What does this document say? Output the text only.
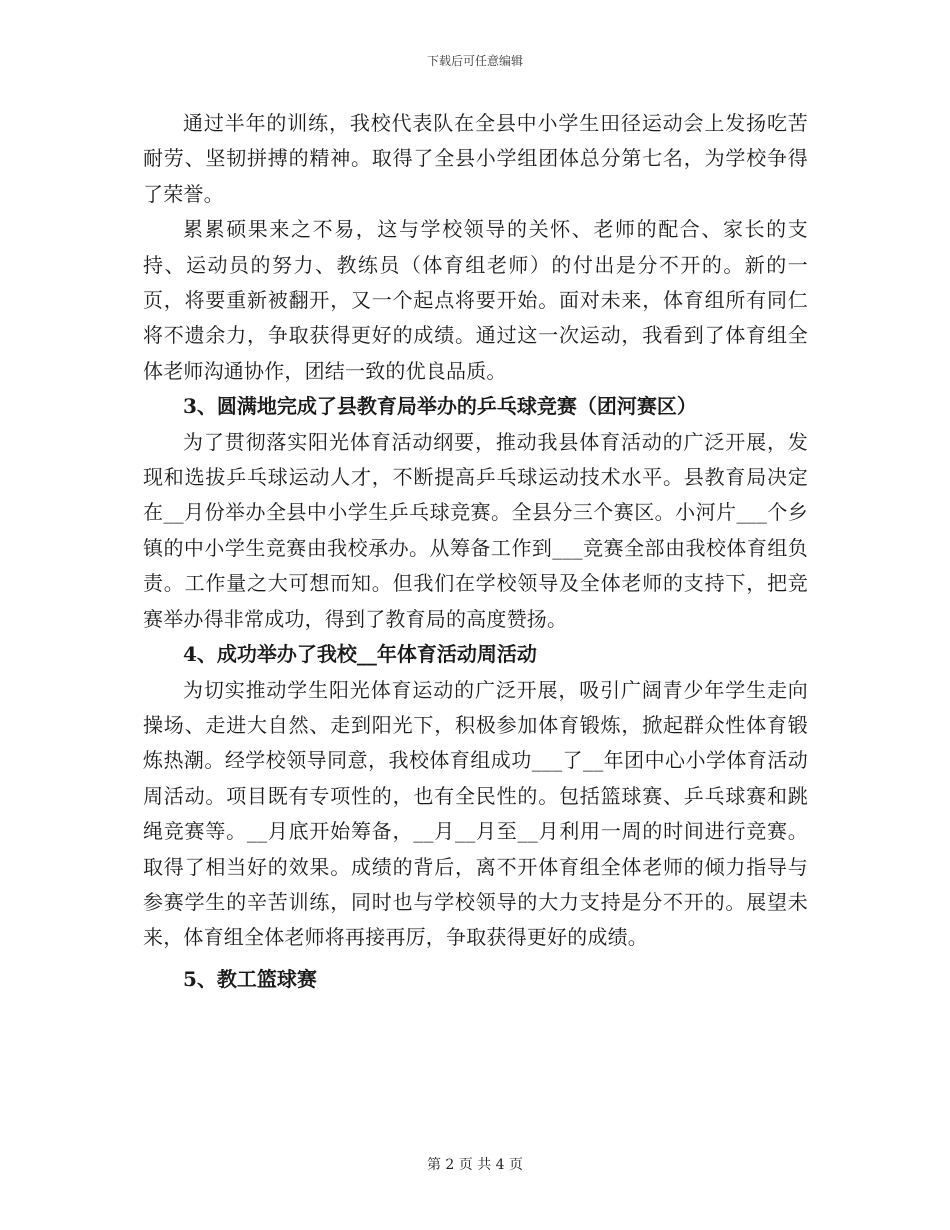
下载后可任意编辑

通过半年的训练，我校代表队在全县中小学生田径运动会上发扬吃苦耐劳、坚韧拼搏的精神。取得了全县小学组团体总分第七名，为学校争得了荣誉。

累累硕果来之不易，这与学校领导的关怀、老师的配合、家长的支持、运动员的努力、教练员（体育组老师）的付出是分不开的。新的一页，将要重新被翻开，又一个起点将要开始。面对未来，体育组所有同仁将不遗余力，争取获得更好的成绩。通过这一次运动，我看到了体育组全体老师沟通协作，团结一致的优良品质。

3、圆满地完成了县教育局举办的乒乓球竞赛（团河赛区）

为了贯彻落实阳光体育活动纲要，推动我县体育活动的广泛开展，发现和选拔乒乓球运动人才，不断提高乒乓球运动技术水平。县教育局决定在__月份举办全县中小学生乒乓球竞赛。全县分三个赛区。小河片___个乡镇的中小学生竞赛由我校承办。从筹备工作到___竞赛全部由我校体育组负责。工作量之大可想而知。但我们在学校领导及全体老师的支持下，把竞赛举办得非常成功，得到了教育局的高度赞扬。

4、成功举办了我校__年体育活动周活动

为切实推动学生阳光体育运动的广泛开展，吸引广阔青少年学生走向操场、走进大自然、走到阳光下，积极参加体育锻炼，掀起群众性体育锻炼热潮。经学校领导同意，我校体育组成功___了__年团中心小学体育活动周活动。项目既有专项性的，也有全民性的。包括篮球赛、乒乓球赛和跳绳竞赛等。__月底开始筹备，__月__月至__月利用一周的时间进行竞赛。取得了相当好的效果。成绩的背后，离不开体育组全体老师的倾力指导与参赛学生的辛苦训练，同时也与学校领导的大力支持是分不开的。展望未来，体育组全体老师将再接再厉，争取获得更好的成绩。

5、教工篮球赛

第 2 页 共 4 页
